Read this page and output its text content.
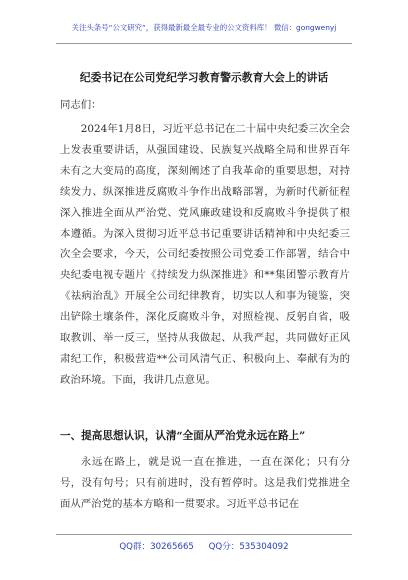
关注头条号“公文研究”，获得最新最全最专业的公文资料库！ 微信：gongwenyj
纪委书记在公司党纪学习教育警示教育大会上的讲话
同志们：
2024年1月8日，习近平总书记在二十届中央纪委三次全会上发表重要讲话，从强国建设、民族复兴战略全局和世界百年未有之大变局的高度，深刻阐述了自我革命的重要思想，对持续发力、纵深推进反腐败斗争作出战略部署，为新时代新征程深入推进全面从严治党、党风廉政建设和反腐败斗争提供了根本遵循。为深入贯彻习近平总书记重要讲话精神和中央纪委三次全会要求，今天，公司纪委按照公司党委工作部署，结合中央纪委电视专题片《持续发力纵深推进》和**集团警示教育片《祛病治乱》开展全公司纪律教育，切实以人和事为镜鉴，突出铲除土壤条件，深化反腐败斗争，对照检视、反躬自省，吸取教训、举一反三，坚持从我做起、从我严起，共同做好正风肃纪工作，积极营造**公司风清气正、积极向上、奉献有为的政治环境。下面，我讲几点意见。
一、提高思想认识，认清“全面从严治党永远在路上”
永远在路上，就是说一直在推进，一直在深化；只有分号，没有句号；只有前进时，没有暂停时。这是我们党推进全面从严治党的基本方略和一贯要求。习近平总书记在
QQ群：30265665 QQ分：535304092
